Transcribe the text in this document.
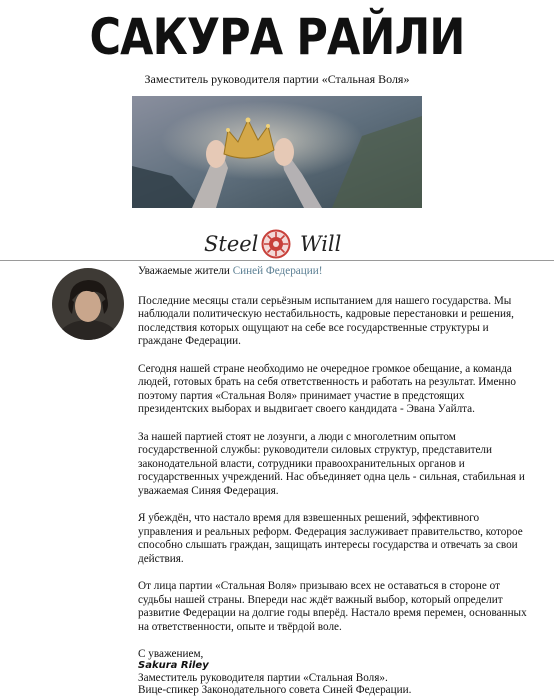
САКУРА РАЙЛИ
Заместитель руководителя партии «Стальная Воля»
Steel Will

Уважаемые жители Синей Федерации!

Последние месяцы стали серьёзным испытанием для нашего государства. Мы наблюдали политическую нестабильность, кадровые перестановки и решения, последствия которых ощущают на себе все государственные структуры и граждане Федерации.

Сегодня нашей стране необходимо не очередное громкое обещание, а команда людей, готовых брать на себя ответственность и работать на результат. Именно поэтому партия «Стальная Воля» принимает участие в предстоящих президентских выборах и выдвигает своего кандидата - Эвана Уайлта.

За нашей партией стоят не лозунги, а люди с многолетним опытом государственной службы: руководители силовых структур, представители законодательной власти, сотрудники правоохранительных органов и государственных учреждений. Нас объединяет одна цель - сильная, стабильная и уважаемая Синяя Федерация.

Я убеждён, что настало время для взвешенных решений, эффективного управления и реальных реформ. Федерация заслуживает правительство, которое способно слышать граждан, защищать интересы государства и отвечать за свои действия.

От лица партии «Стальная Воля» призываю всех не оставаться в стороне от судьбы нашей страны. Впереди нас ждёт важный выбор, который определит развитие Федерации на долгие годы вперёд. Настало время перемен, основанных на ответственности, опыте и твёрдой воле.

С уважением,
Sakura Riley
Заместитель руководителя партии «Стальная Воля».
Вице-спикер Законодательного совета Синей Федерации.
